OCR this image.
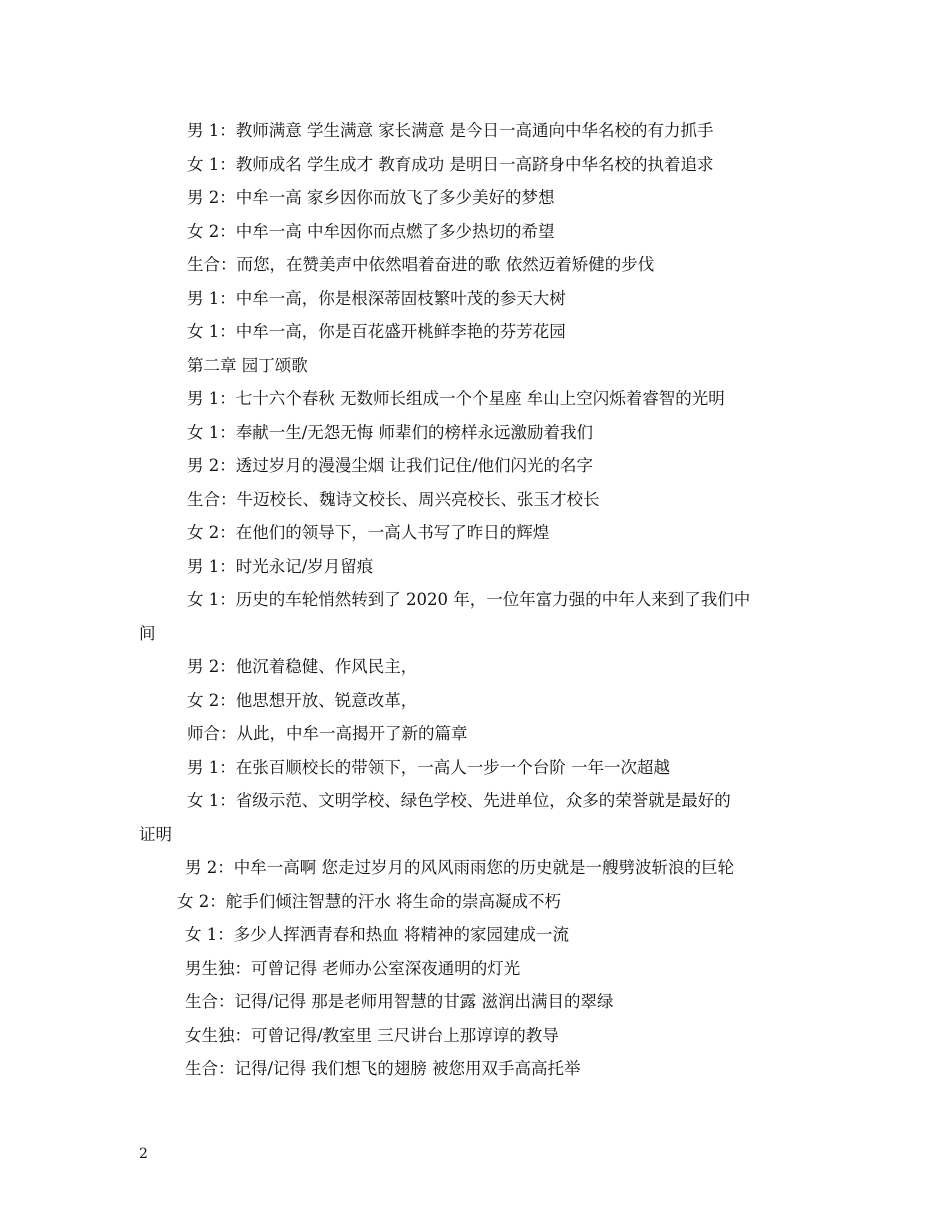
男 1：教师满意 学生满意 家长满意 是今日一高通向中华名校的有力抓手
女 1：教师成名 学生成才 教育成功 是明日一高跻身中华名校的执着追求
男 2：中牟一高 家乡因你而放飞了多少美好的梦想
女 2：中牟一高 中牟因你而点燃了多少热切的希望
生合：而您，在赞美声中依然唱着奋进的歌 依然迈着矫健的步伐
男 1：中牟一高，你是根深蒂固枝繁叶茂的参天大树
女 1：中牟一高，你是百花盛开桃鲜李艳的芬芳花园
第二章 园丁颂歌
男 1：七十六个春秋 无数师长组成一个个星座 牟山上空闪烁着睿智的光明
女 1：奉献一生/无怨无悔 师辈们的榜样永远激励着我们
男 2：透过岁月的漫漫尘烟 让我们记住/他们闪光的名字
生合：牛迈校长、魏诗文校长、周兴亮校长、张玉才校长
女 2：在他们的领导下，一高人书写了昨日的辉煌
男 1：时光永记/岁月留痕
女 1：历史的车轮悄然转到了 2020 年，一位年富力强的中年人来到了我们中
间
男 2：他沉着稳健、作风民主，
女 2：他思想开放、锐意改革，
师合：从此，中牟一高揭开了新的篇章
男 1：在张百顺校长的带领下，一高人一步一个台阶 一年一次超越
女 1：省级示范、文明学校、绿色学校、先进单位，众多的荣誉就是最好的
证明
男 2：中牟一高啊 您走过岁月的风风雨雨您的历史就是一艘劈波斩浪的巨轮
女 2：舵手们倾注智慧的汗水 将生命的崇高凝成不朽
女 1：多少人挥洒青春和热血 将精神的家园建成一流
男生独：可曾记得 老师办公室深夜通明的灯光
生合：记得/记得 那是老师用智慧的甘露 滋润出满目的翠绿
女生独：可曾记得/教室里 三尺讲台上那谆谆的教导
生合：记得/记得 我们想飞的翅膀 被您用双手高高托举
2
